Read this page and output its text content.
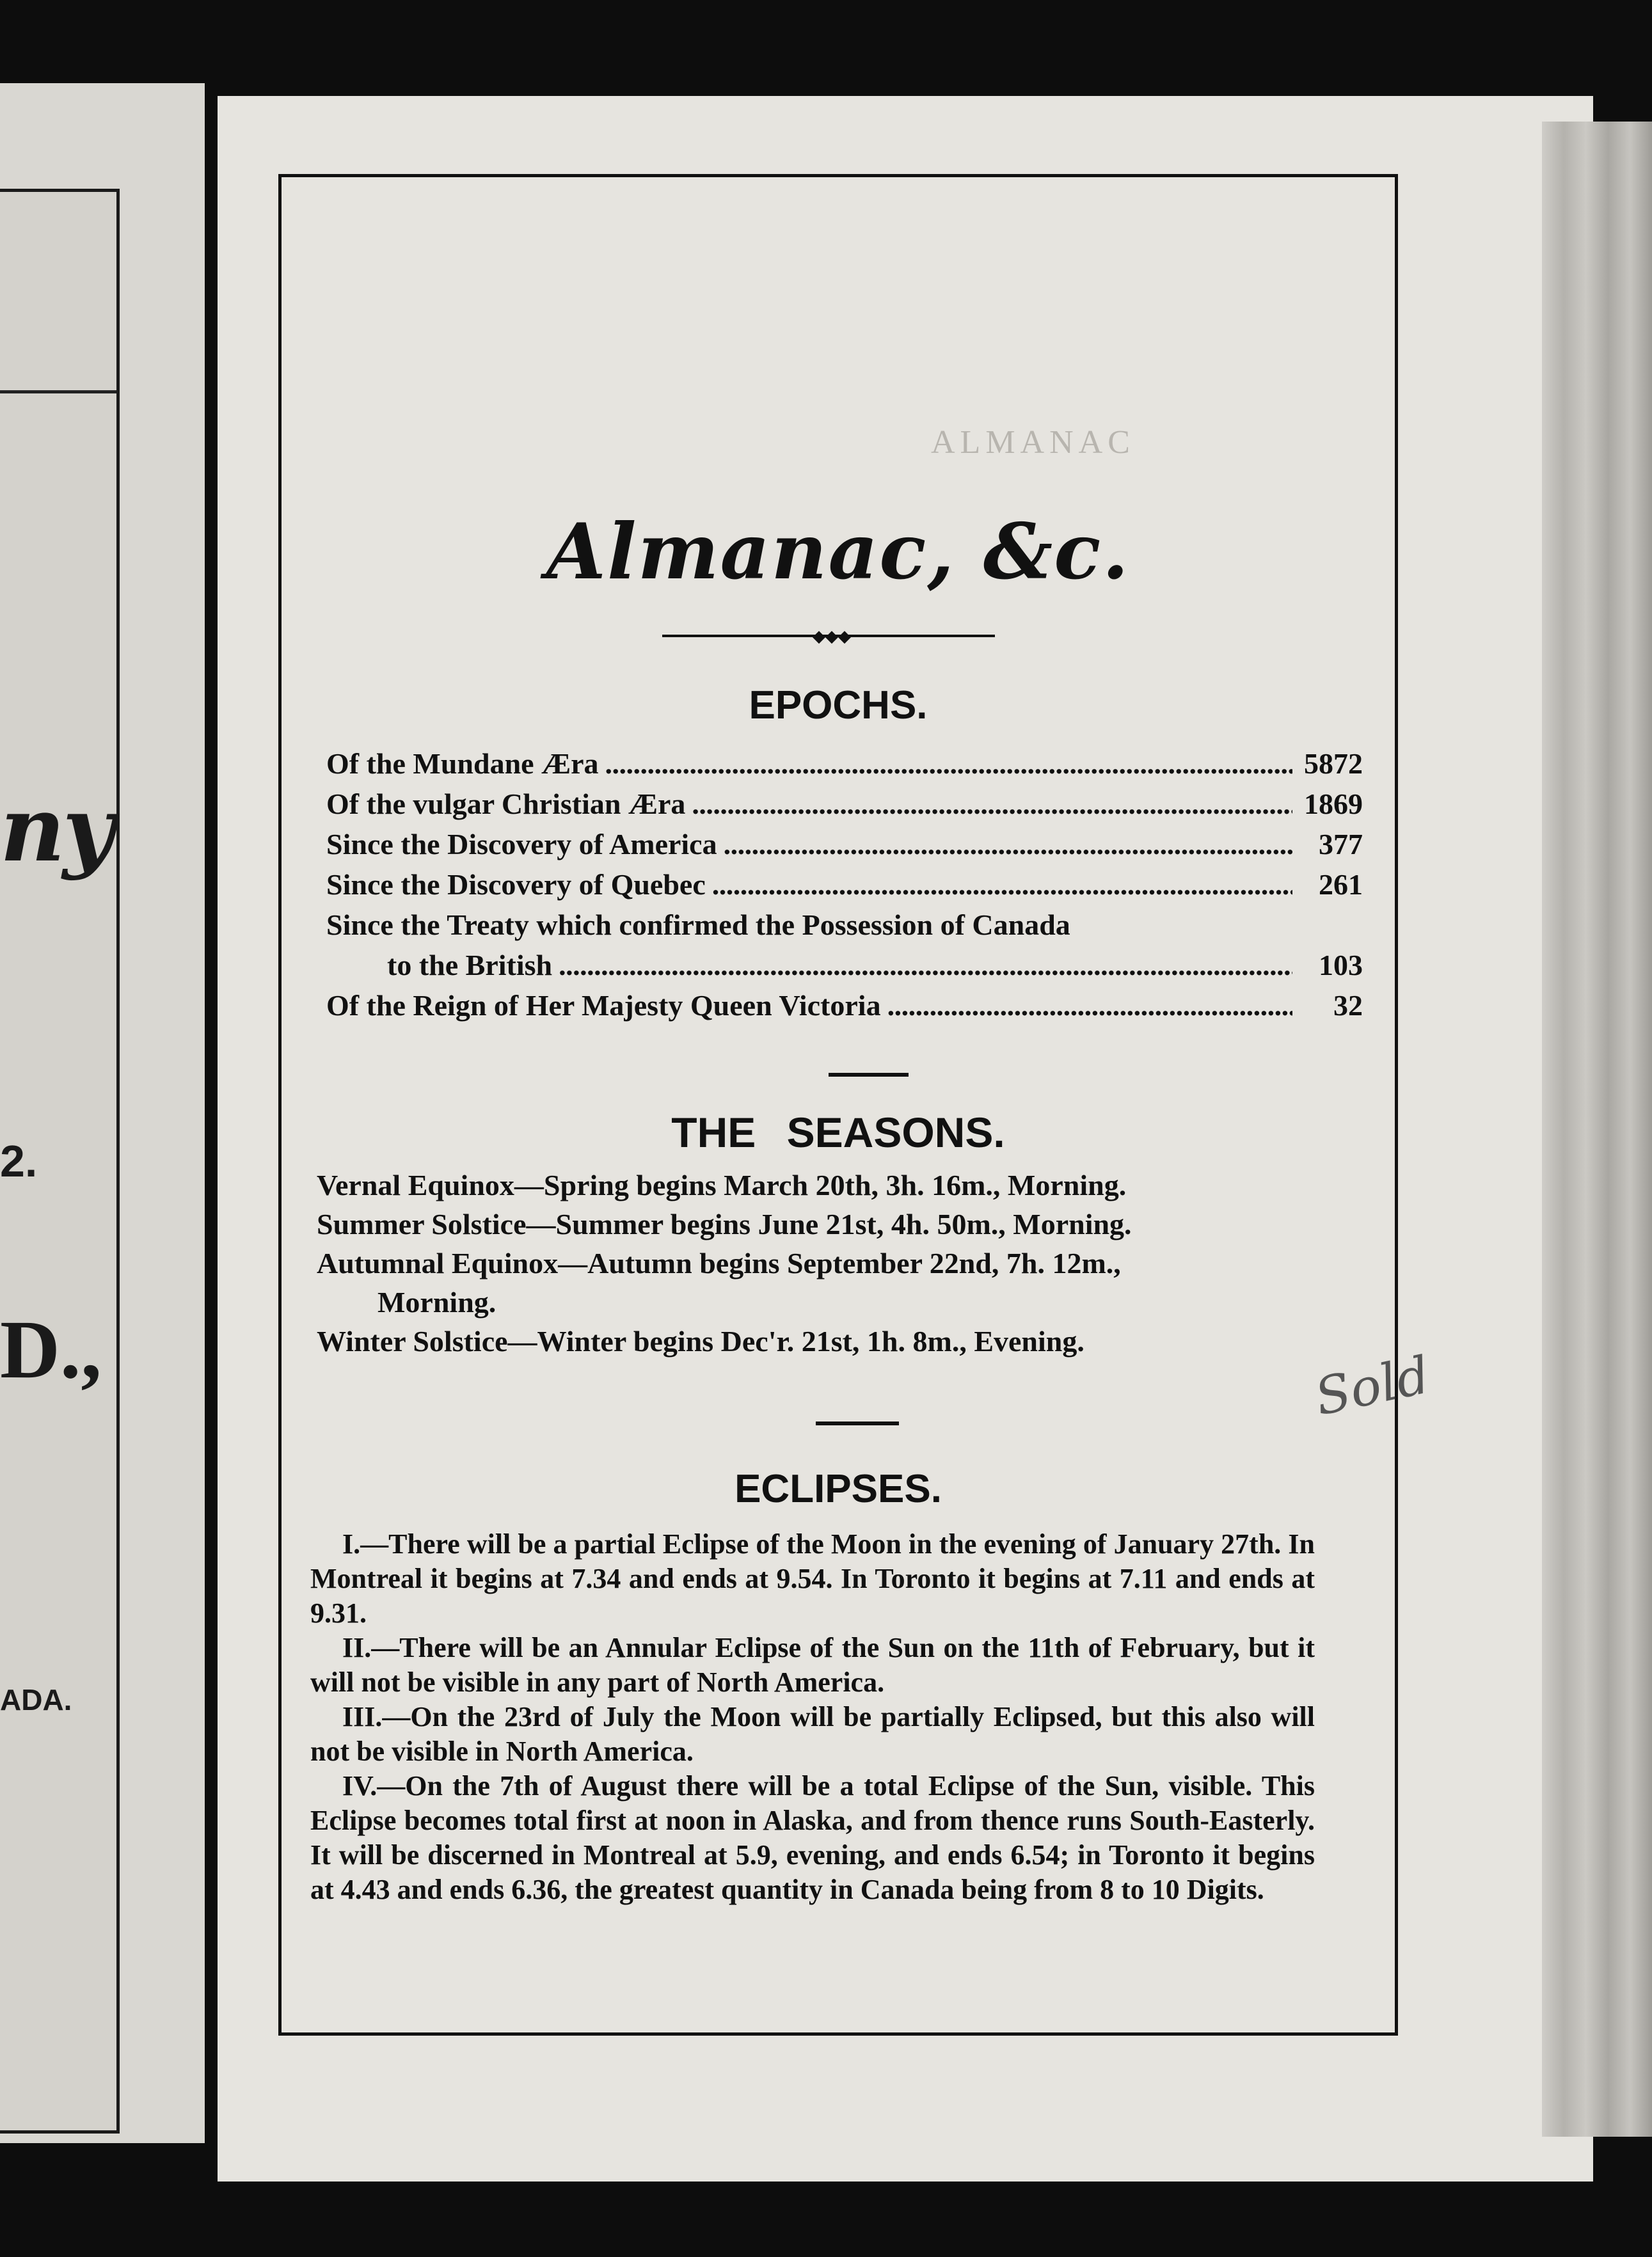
ny
2.
D.,
ADA.
ALMANAC
Almanac, &c.
◆◆◆
EPOCHS.
Of the Mundane Æra . . .	5872
Of the vulgar Christian Æra . . .	1869
Since the Discovery of America . . .	377
Since the Discovery of Quebec . . .	261
Since the Treaty which confirmed the Possession of Canada
to the British . . .	103
Of the Reign of Her Majesty Queen Victoria . . .	32
THE SEASONS.
Vernal Equinox—Spring begins March 20th, 3h. 16m., Morning.
Summer Solstice—Summer begins June 21st, 4h. 50m., Morning.
Autumnal Equinox—Autumn begins September 22nd, 7h. 12m.,
Morning.
Winter Solstice—Winter begins Dec'r. 21st, 1h. 8m., Evening.
ECLIPSES.

I.—There will be a partial Eclipse of the Moon in the evening of January 27th. In Montreal it begins at 7.34 and ends at 9.54. In Toronto it begins at 7.11 and ends at 9.31.

II.—There will be an Annular Eclipse of the Sun on the 11th of February, but it will not be visible in any part of North America.

III.—On the 23rd of July the Moon will be partially Eclipsed, but this also will not be visible in North America.

IV.—On the 7th of August there will be a total Eclipse of the Sun, visible. This Eclipse becomes total first at noon in Alaska, and from thence runs South-Easterly. It will be discerned in Montreal at 5.9, evening, and ends 6.54; in Toronto it begins at 4.43 and ends 6.36, the greatest quantity in Canada being from 8 to 10 Digits.

Sold
